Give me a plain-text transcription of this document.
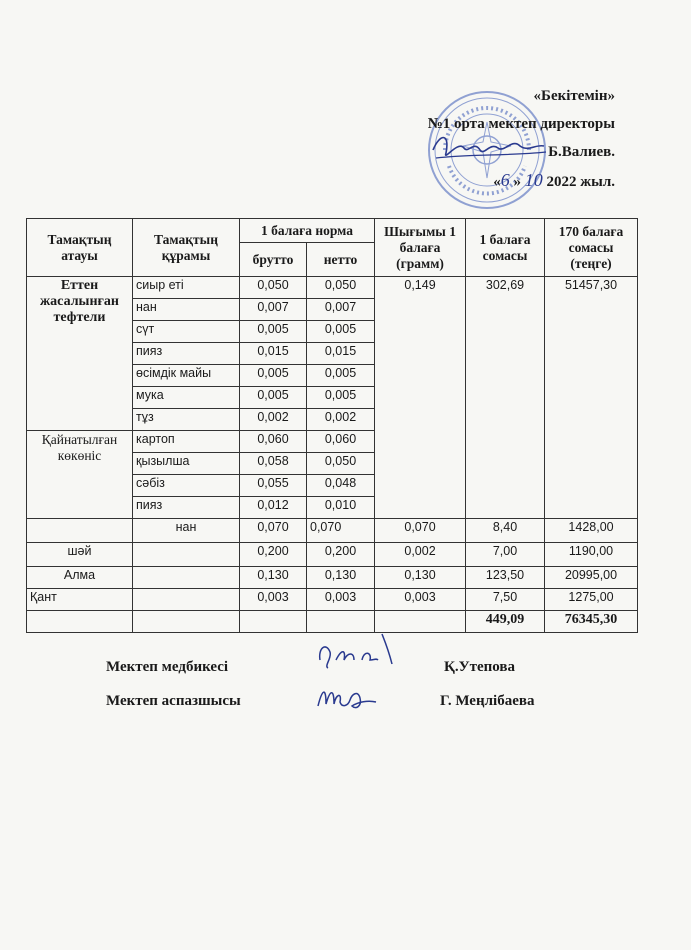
«Бекітемін»
№1 орта мектеп директоры
Б.Валиев.
«6 » 10 2022 жыл.
Тамақтың атауы	Тамақтың құрамы	1 балаға норма		Шығымы 1 балаға (грамм)	1 балаға сомасы	170 балаға сомасы (теңге)
		брутто	нетто			
Еттен жасалынған тефтели	сиыр еті	0,050	0,050	0,149	302,69	51457,30
	нан	0,007	0,007			
	сүт	0,005	0,005			
	пияз	0,015	0,015			
	өсімдік майы	0,005	0,005			
	мука	0,005	0,005			
	тұз	0,002	0,002			
Қайнатылған көкөніс	картоп	0,060	0,060			
	қызылша	0,058	0,050			
	сәбіз	0,055	0,048			
	пияз	0,012	0,010			
	нан	0,070	0,070	0,070	8,40	1428,00
шәй		0,200	0,200	0,002	7,00	1190,00
Алма		0,130	0,130	0,130	123,50	20995,00
Қант		0,003	0,003	0,003	7,50	1275,00
					449,09	76345,30
Мектеп медбикесі	Қ.Утепова
Мектеп аспазшысы	Г. Меңлібаева
